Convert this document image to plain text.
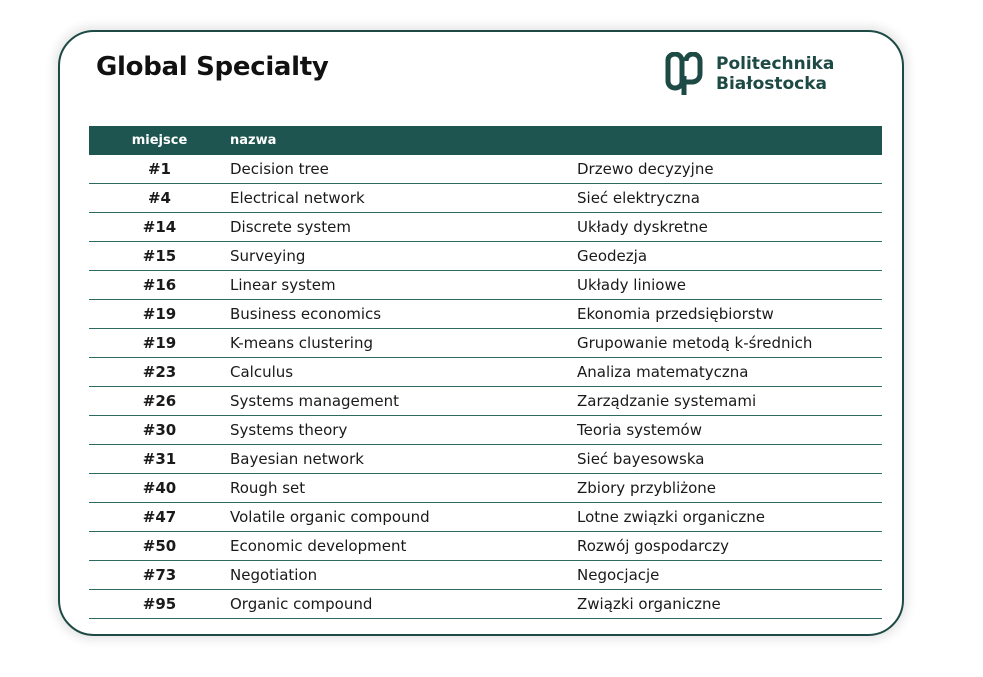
Global Specialty	Politechnika
Białostocka
miejsce	nazwa
#1	Decision tree	Drzewo decyzyjne
#4	Electrical network	Sieć elektryczna
#14	Discrete system	Układy dyskretne
#15	Surveying	Geodezja
#16	Linear system	Układy liniowe
#19	Business economics	Ekonomia przedsiębiorstw
#19	K-means clustering	Grupowanie metodą k-średnich
#23	Calculus	Analiza matematyczna
#26	Systems management	Zarządzanie systemami
#30	Systems theory	Teoria systemów
#31	Bayesian network	Sieć bayesowska
#40	Rough set	Zbiory przybliżone
#47	Volatile organic compound	Lotne związki organiczne
#50	Economic development	Rozwój gospodarczy
#73	Negotiation	Negocjacje
#95	Organic compound	Związki organiczne
